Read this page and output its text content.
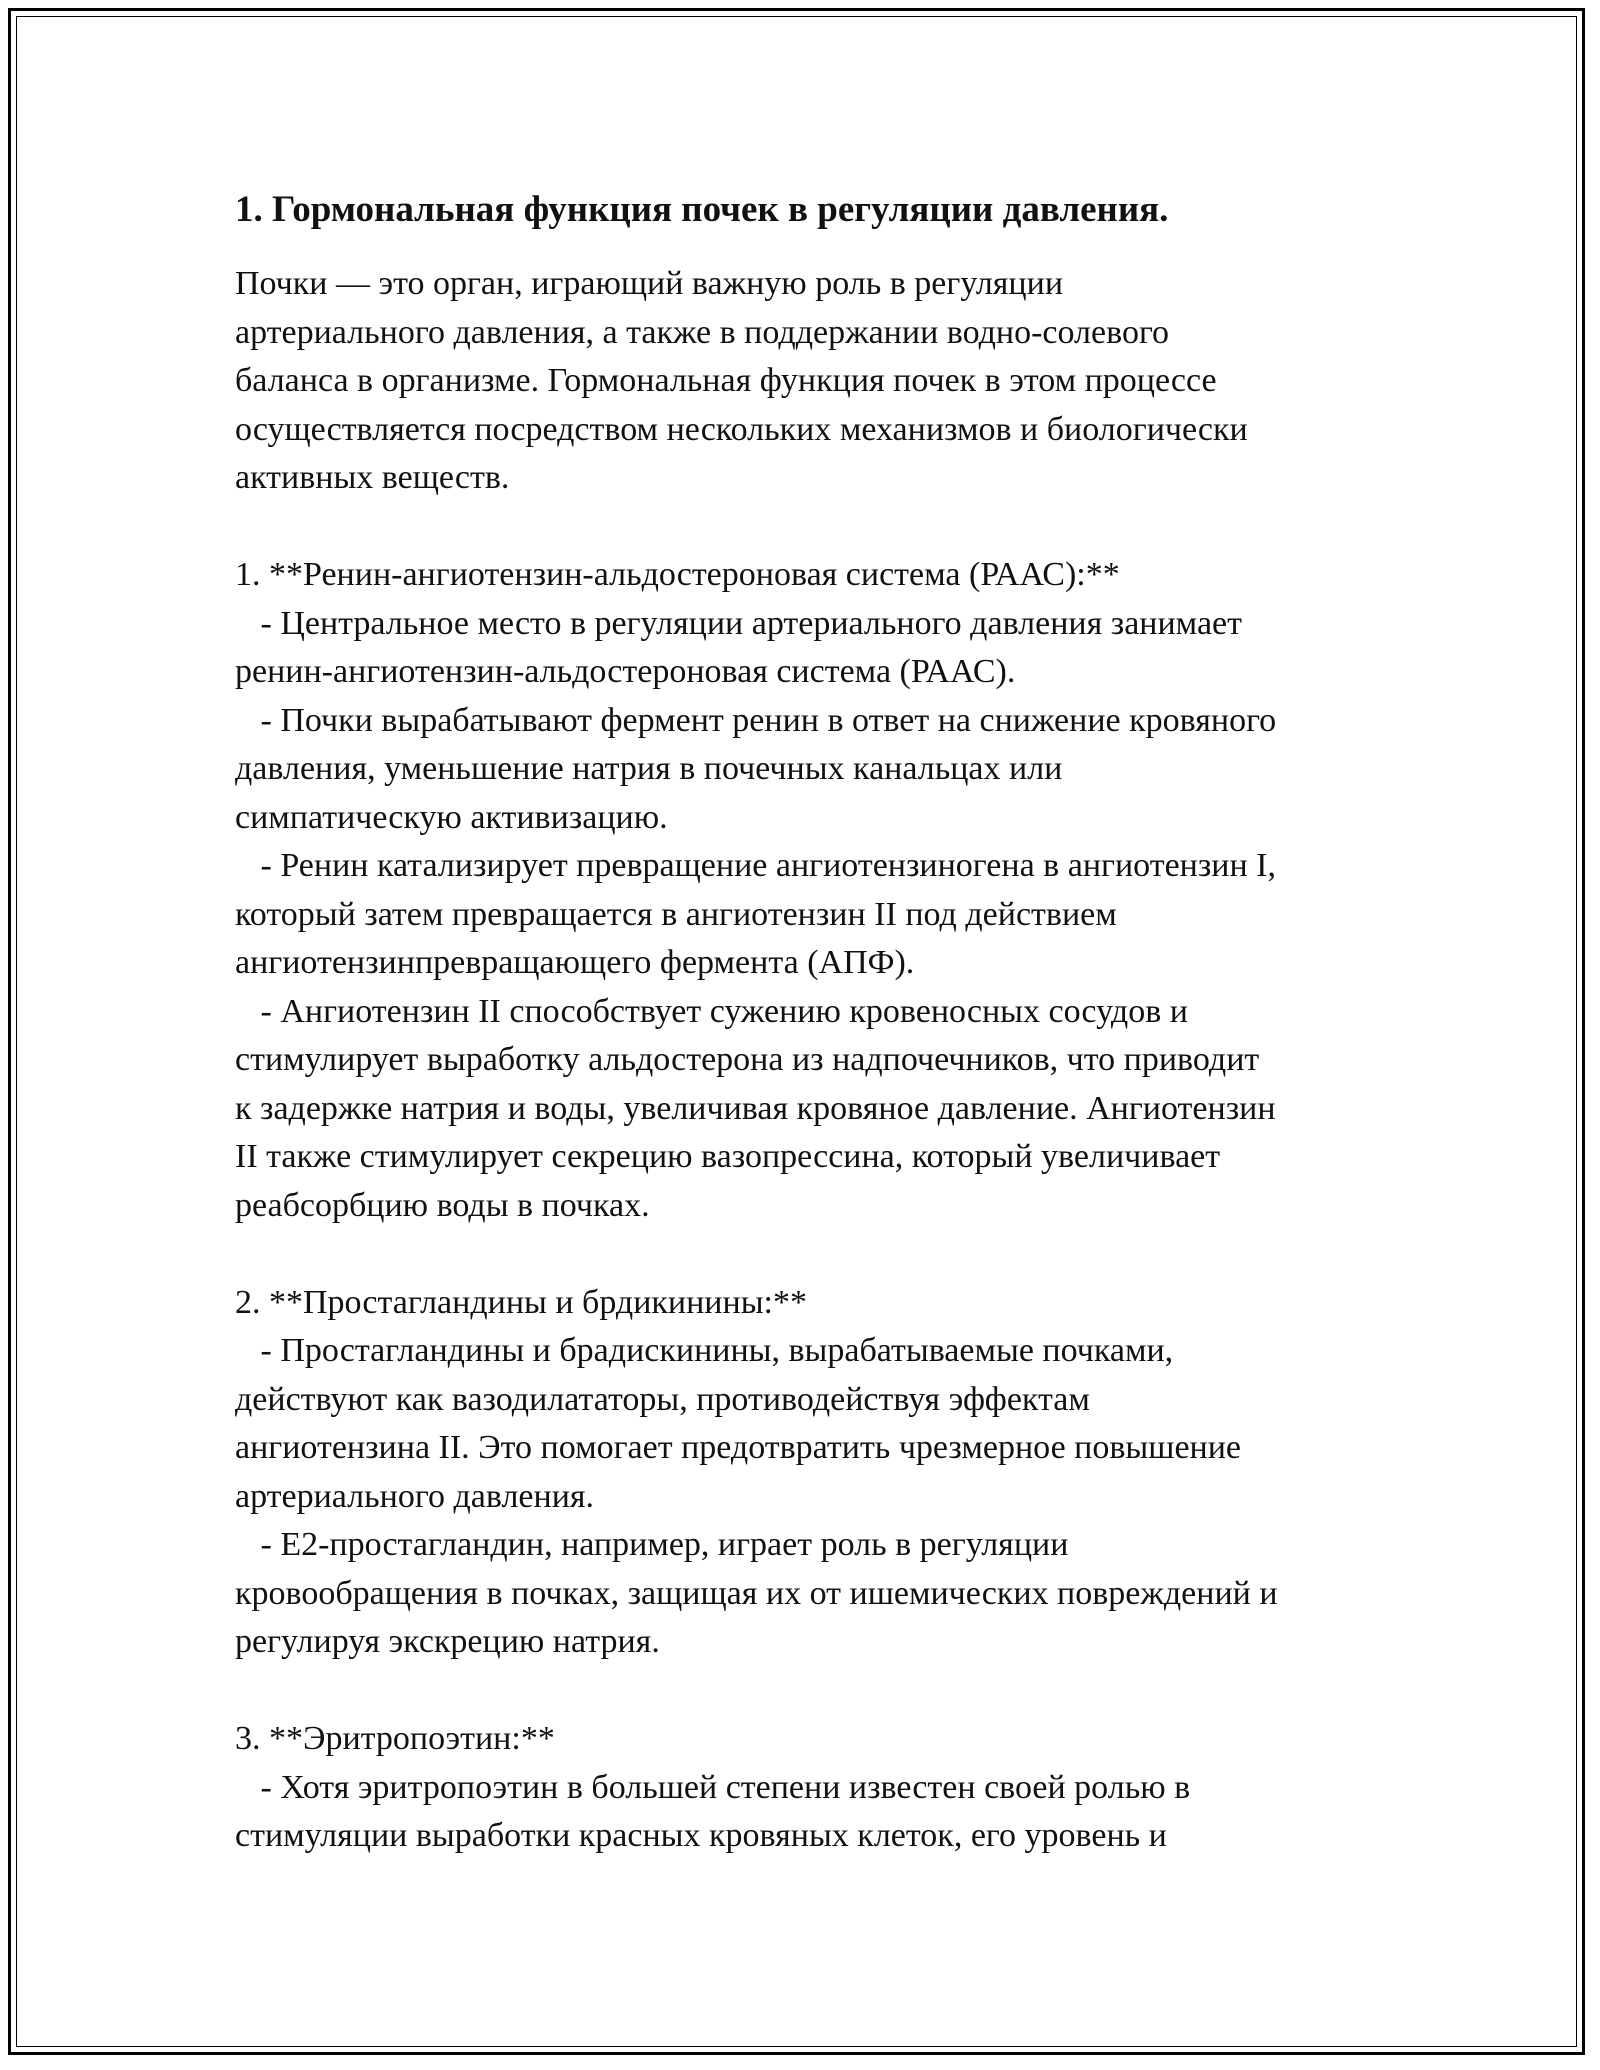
1. Гормональная функция почек в регуляции давления.
Почки — это орган, играющий важную роль в регуляции
артериального давления, а также в поддержании водно-солевого
баланса в организме. Гормональная функция почек в этом процессе
осуществляется посредством нескольких механизмов и биологически
активных веществ.
1. **Ренин-ангиотензин-альдостероновая система (РААС):**
- Центральное место в регуляции артериального давления занимает
ренин-ангиотензин-альдостероновая система (РААС).
- Почки вырабатывают фермент ренин в ответ на снижение кровяного
давления, уменьшение натрия в почечных канальцах или
симпатическую активизацию.
- Ренин катализирует превращение ангиотензиногена в ангиотензин I,
который затем превращается в ангиотензин II под действием
ангиотензинпревращающего фермента (АПФ).
- Ангиотензин II способствует сужению кровеносных сосудов и
стимулирует выработку альдостерона из надпочечников, что приводит
к задержке натрия и воды, увеличивая кровяное давление. Ангиотензин
II также стимулирует секрецию вазопрессина, который увеличивает
реабсорбцию воды в почках.
2. **Простагландины и брдикинины:**
- Простагландины и брадискинины, вырабатываемые почками,
действуют как вазодилататоры, противодействуя эффектам
ангиотензина II. Это помогает предотвратить чрезмерное повышение
артериального давления.
- E2-простагландин, например, играет роль в регуляции
кровообращения в почках, защищая их от ишемических повреждений и
регулируя экскрецию натрия.
3. **Эритропоэтин:**
- Хотя эритропоэтин в большей степени известен своей ролью в
стимуляции выработки красных кровяных клеток, его уровень и
